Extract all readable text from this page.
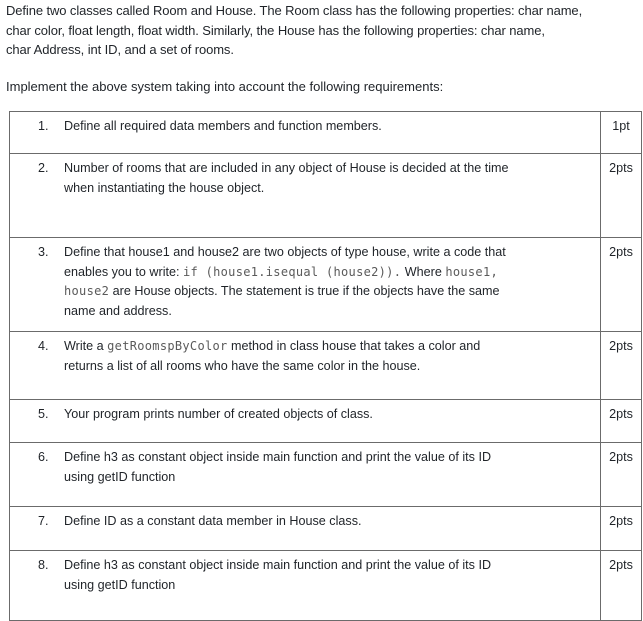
Define two classes called Room and House. The Room class has the following properties: char name,
char color, float length, float width. Similarly, the House has the following properties: char name,
char Address, int ID, and a set of rooms.
Implement the above system taking into account the following requirements:
1. Define all required data members and function members.	1pt

2. Number of rooms that are included in any object of House is decided at the time
when instantiating the house object.	2pts

3. Define that house1 and house2 are two objects of type house, write a code that
enables you to write: if (house1.isequal (house2)). Where house1,
house2 are House objects. The statement is true if the objects have the same
name and address.	2pts

4. Write a getRoomspByColor method in class house that takes a color and
returns a list of all rooms who have the same color in the house.	2pts

5. Your program prints number of created objects of class.	2pts

6. Define h3 as constant object inside main function and print the value of its ID
using getID function	2pts

7. Define ID as a constant data member in House class.	2pts

8. Define h3 as constant object inside main function and print the value of its ID
using getID function	2pts
